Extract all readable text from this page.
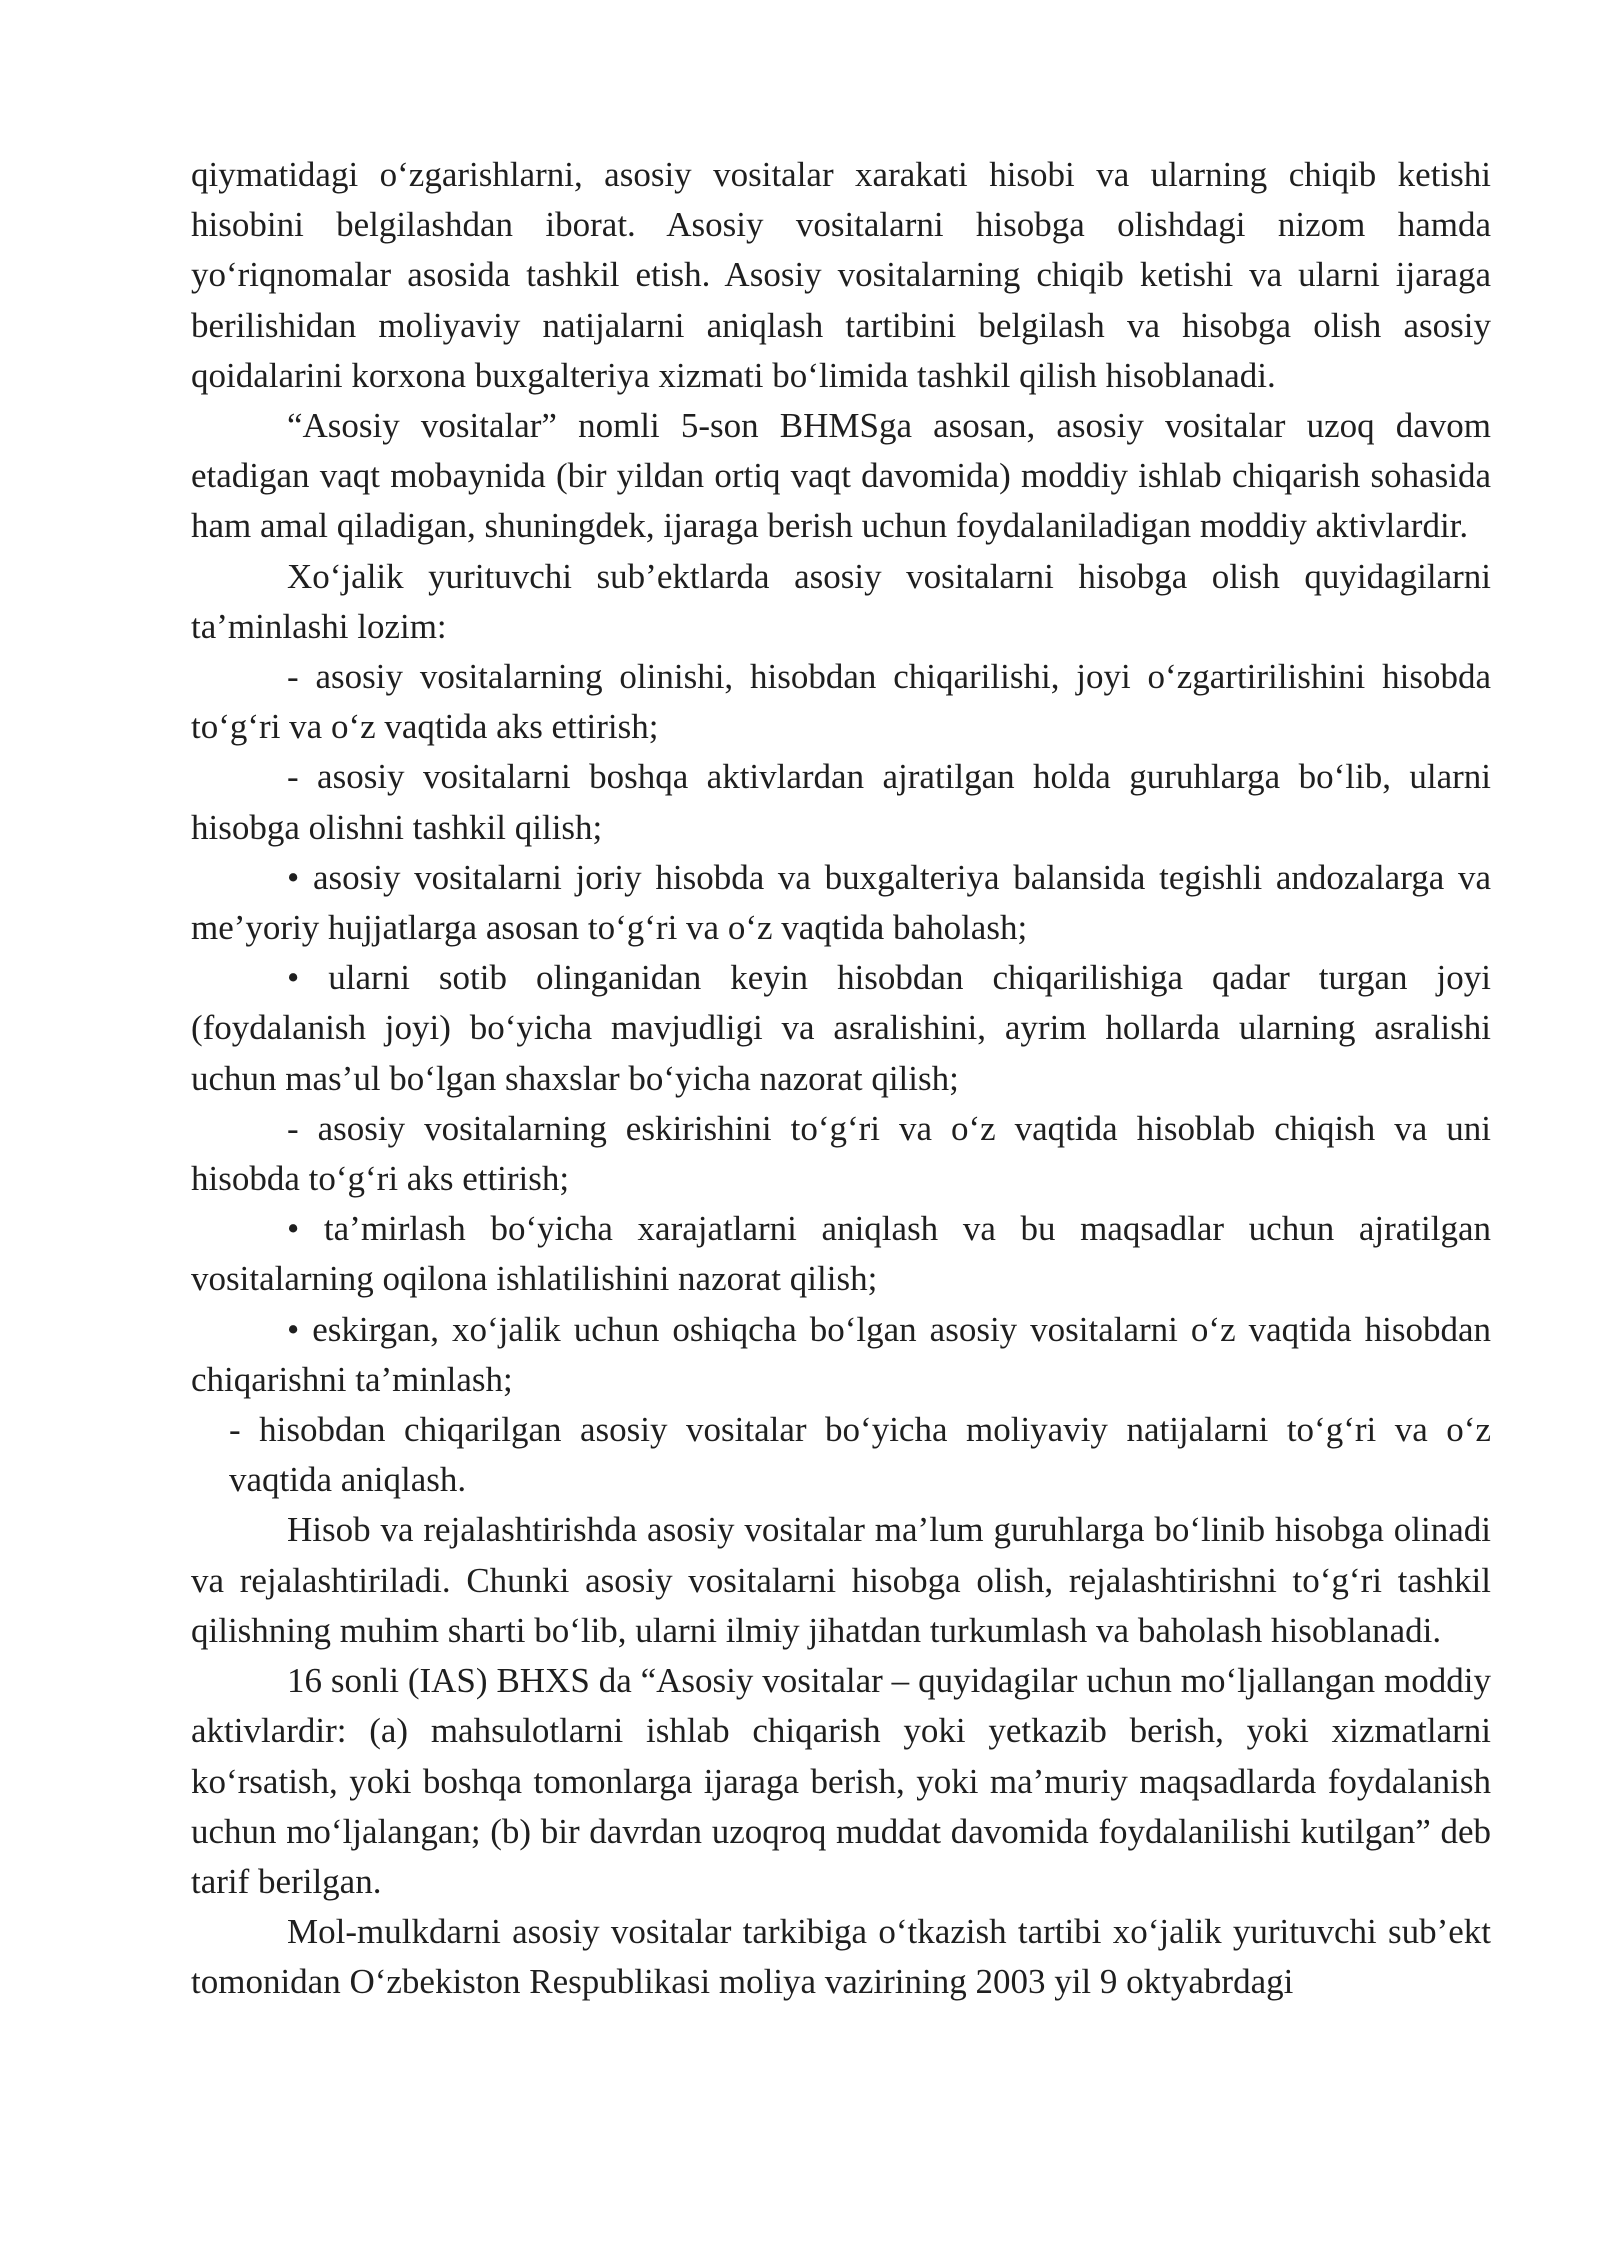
qiymatidagi o‘zgarishlarni, asosiy vositalar xarakati hisobi va ularning chiqib ketishi hisobini belgilashdan iborat. Asosiy vositalarni hisobga olishdagi nizom hamda yo‘riqnomalar asosida tashkil etish. Asosiy vositalarning chiqib ketishi va ularni ijaraga berilishidan moliyaviy natijalarni aniqlash tartibini belgilash va hisobga olish asosiy qoidalarini korxona buxgalteriya xizmati bo‘limida tashkil qilish hisoblanadi.

“Asosiy vositalar” nomli 5-son BHMSga asosan, asosiy vositalar uzoq davom etadigan vaqt mobaynida (bir yildan ortiq vaqt davomida) moddiy ishlab chiqarish sohasida ham amal qiladigan, shuningdek, ijaraga berish uchun foydalaniladigan moddiy aktivlardir.

Xo‘jalik yurituvchi sub’ektlarda asosiy vositalarni hisobga olish quyidagilarni ta’minlashi lozim:

- asosiy vositalarning olinishi, hisobdan chiqarilishi, joyi o‘zgartirilishini hisobda to‘g‘ri va o‘z vaqtida aks ettirish;

- asosiy vositalarni boshqa aktivlardan ajratilgan holda guruhlarga bo‘lib, ularni hisobga olishni tashkil qilish;

• asosiy vositalarni joriy hisobda va buxgalteriya balansida tegishli andozalarga va me’yoriy hujjatlarga asosan to‘g‘ri va o‘z vaqtida baholash;

• ularni sotib olinganidan keyin hisobdan chiqarilishiga qadar turgan joyi (foydalanish joyi) bo‘yicha mavjudligi va asralishini, ayrim hollarda ularning asralishi uchun mas’ul bo‘lgan shaxslar bo‘yicha nazorat qilish;

- asosiy vositalarning eskirishini to‘g‘ri va o‘z vaqtida hisoblab chiqish va uni hisobda to‘g‘ri aks ettirish;

• ta’mirlash bo‘yicha xarajatlarni aniqlash va bu maqsadlar uchun ajratilgan vositalarning oqilona ishlatilishini nazorat qilish;

• eskirgan, xo‘jalik uchun oshiqcha bo‘lgan asosiy vositalarni o‘z vaqtida hisobdan chiqarishni ta’minlash;

- hisobdan chiqarilgan asosiy vositalar bo‘yicha moliyaviy natijalarni to‘g‘ri va o‘z vaqtida aniqlash.

Hisob va rejalashtirishda asosiy vositalar ma’lum guruhlarga bo‘linib hisobga olinadi va rejalashtiriladi. Chunki asosiy vositalarni hisobga olish, rejalashtirishni to‘g‘ri tashkil qilishning muhim sharti bo‘lib, ularni ilmiy jihatdan turkumlash va baholash hisoblanadi.

16 sonli (IAS) BHXS da “Asosiy vositalar – quyidagilar uchun mo‘ljallangan moddiy aktivlardir: (a) mahsulotlarni ishlab chiqarish yoki yetkazib berish, yoki xizmatlarni ko‘rsatish, yoki boshqa tomonlarga ijaraga berish, yoki ma’muriy maqsadlarda foydalanish uchun mo‘ljalangan; (b) bir davrdan uzoqroq muddat davomida foydalanilishi kutilgan” deb tarif berilgan.

Mol-mulkdarni asosiy vositalar tarkibiga o‘tkazish tartibi xo‘jalik yurituvchi sub’ekt tomonidan O‘zbekiston Respublikasi moliya vazirining 2003 yil 9 oktyabrdagi
